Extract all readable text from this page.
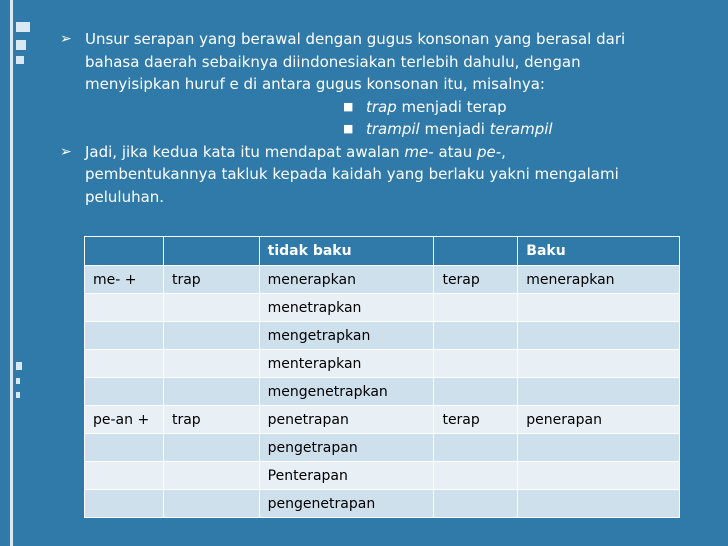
➢ Unsur serapan yang berawal dengan gugus konsonan yang berasal dari
bahasa daerah sebaiknya diindonesiakan terlebih dahulu, dengan
menyisipkan huruf e di antara gugus konsonan itu, misalnya:
■ trap menjadi terap
■ trampil menjadi terampil
➢ Jadi, jika kedua kata itu mendapat awalan me- atau pe-,
pembentukannya takluk kepada kaidah yang berlaku yakni mengalami
peluluhan.
		tidak baku		Baku
me- +	trap	menerapkan	terap	menerapkan
		menetrapkan		
		mengetrapkan		
		menterapkan		
		mengenetrapkan		
pe-an +	trap	penetrapan	terap	penerapan
		pengetrapan		
		Penterapan		
		pengenetrapan		
